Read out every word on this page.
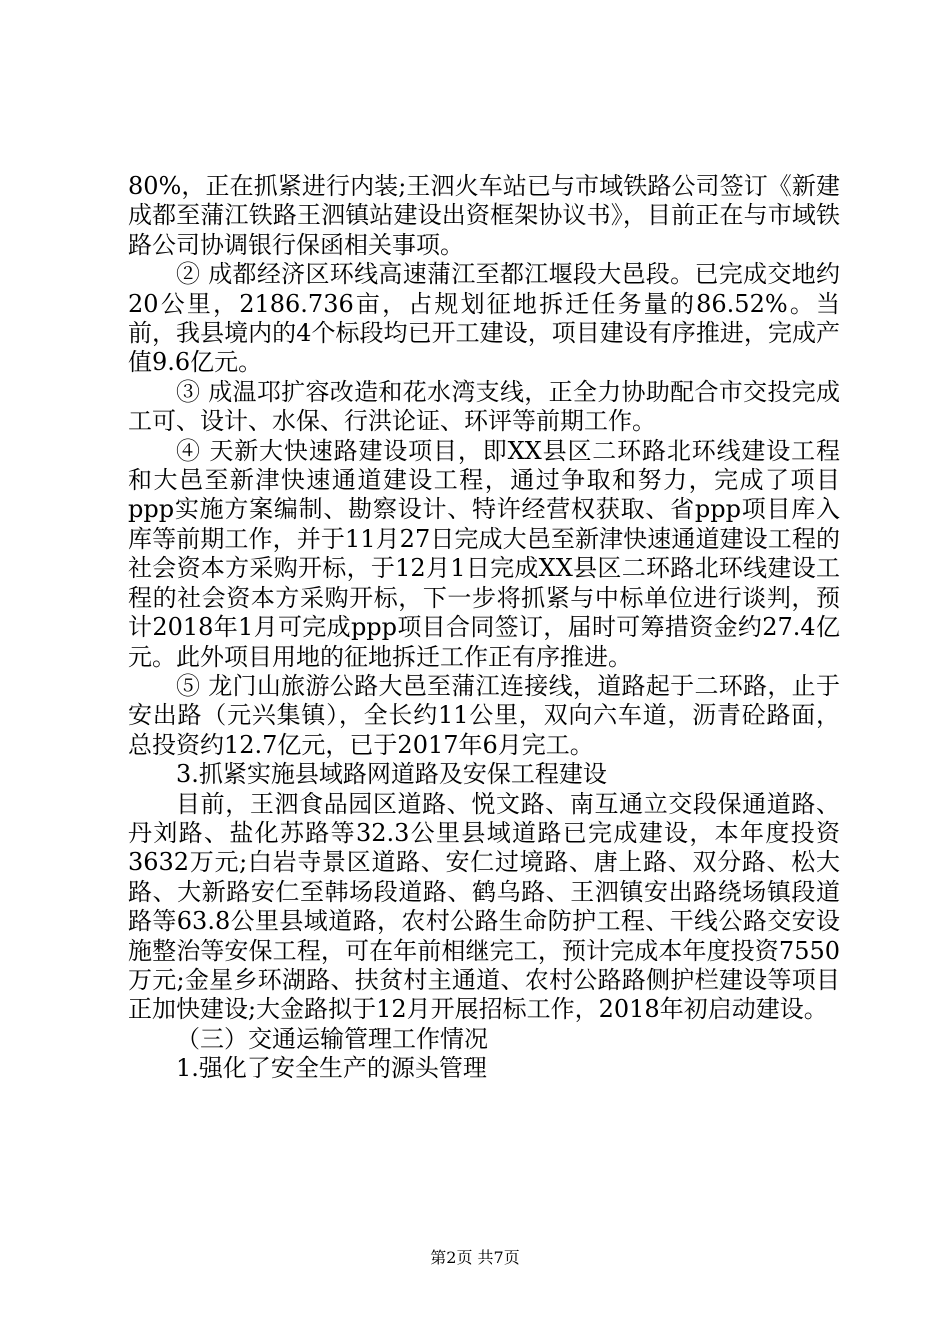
80%，正在抓紧进行内装;王泗火车站已与市域铁路公司签订《新建成都至蒲江铁路王泗镇站建设出资框架协议书》，目前正在与市域铁路公司协调银行保函相关事项。

② 成都经济区环线高速蒲江至都江堰段大邑段。已完成交地约20公里，2186.736亩，占规划征地拆迁任务量的86.52%。当前，我县境内的4个标段均已开工建设，项目建设有序推进，完成产值9.6亿元。

③ 成温邛扩容改造和花水湾支线，正全力协助配合市交投完成工可、设计、水保、行洪论证、环评等前期工作。

④ 天新大快速路建设项目，即XX县区二环路北环线建设工程和大邑至新津快速通道建设工程，通过争取和努力，完成了项目ppp实施方案编制、勘察设计、特许经营权获取、省ppp项目库入库等前期工作，并于11月27日完成大邑至新津快速通道建设工程的社会资本方采购开标，于12月1日完成XX县区二环路北环线建设工程的社会资本方采购开标，下一步将抓紧与中标单位进行谈判，预计2018年1月可完成ppp项目合同签订，届时可筹措资金约27.4亿元。此外项目用地的征地拆迁工作正有序推进。

⑤ 龙门山旅游公路大邑至蒲江连接线，道路起于二环路，止于安出路（元兴集镇），全长约11公里，双向六车道，沥青砼路面，总投资约12.7亿元，已于2017年6月完工。

3.抓紧实施县域路网道路及安保工程建设

目前，王泗食品园区道路、悦文路、南互通立交段保通道路、丹刘路、盐化苏路等32.3公里县域道路已完成建设，本年度投资3632万元;白岩寺景区道路、安仁过境路、唐上路、双分路、松大路、大新路安仁至韩场段道路、鹤乌路、王泗镇安出路绕场镇段道路等63.8公里县域道路，农村公路生命防护工程、干线公路交安设施整治等安保工程，可在年前相继完工，预计完成本年度投资7550万元;金星乡环湖路、扶贫村主通道、农村公路路侧护栏建设等项目正加快建设;大金路拟于12月开展招标工作，2018年初启动建设。

（三）交通运输管理工作情况

1.强化了安全生产的源头管理

第2页 共7页
